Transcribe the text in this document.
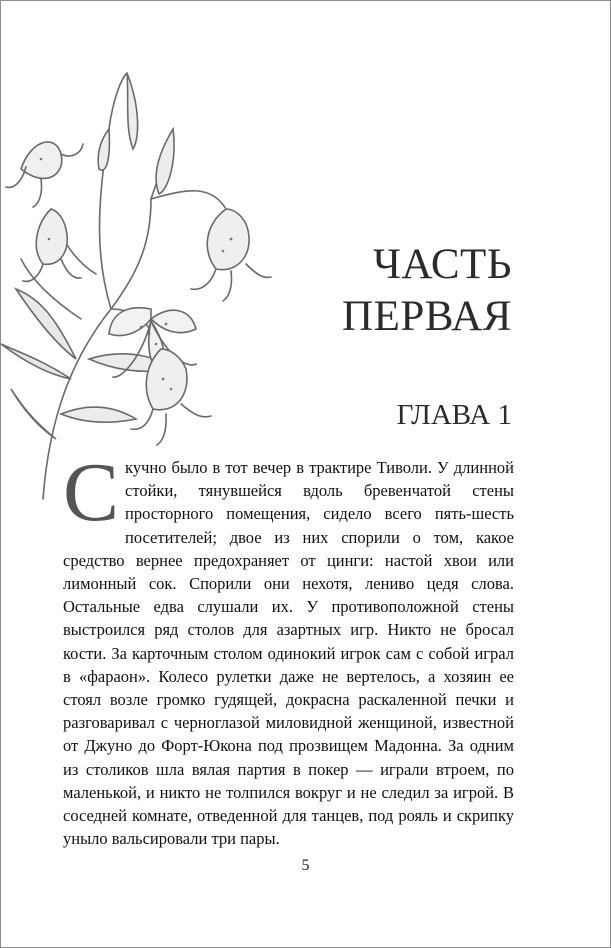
ЧАСТЬ
ПЕРВАЯ
ГЛАВА 1

Скучно было в тот вечер в трактире Тиволи. У длинной стойки, тянувшейся вдоль бревенчатой стены просторного помещения, сидело всего пять-шесть посетителей; двое из них спорили о том, какое средство вернее предохраняет от цинги: настой хвои или лимонный сок. Спорили они нехотя, лениво цедя слова. Остальные едва слушали их. У противоположной стены выстроился ряд столов для азартных игр. Никто не бросал кости. За карточным столом одинокий игрок сам с собой играл в «фараон». Колесо рулетки даже не вертелось, а хозяин ее стоял возле громко гудящей, докрасна раскаленной печки и разговаривал с черноглазой миловидной женщиной, известной от Джуно до Форт-Юкона под прозвищем Мадонна. За одним из столиков шла вялая партия в покер — играли втроем, по маленькой, и никто не толпился вокруг и не следил за игрой. В соседней комнате, отведенной для танцев, под рояль и скрипку уныло вальсировали три пары.

5
